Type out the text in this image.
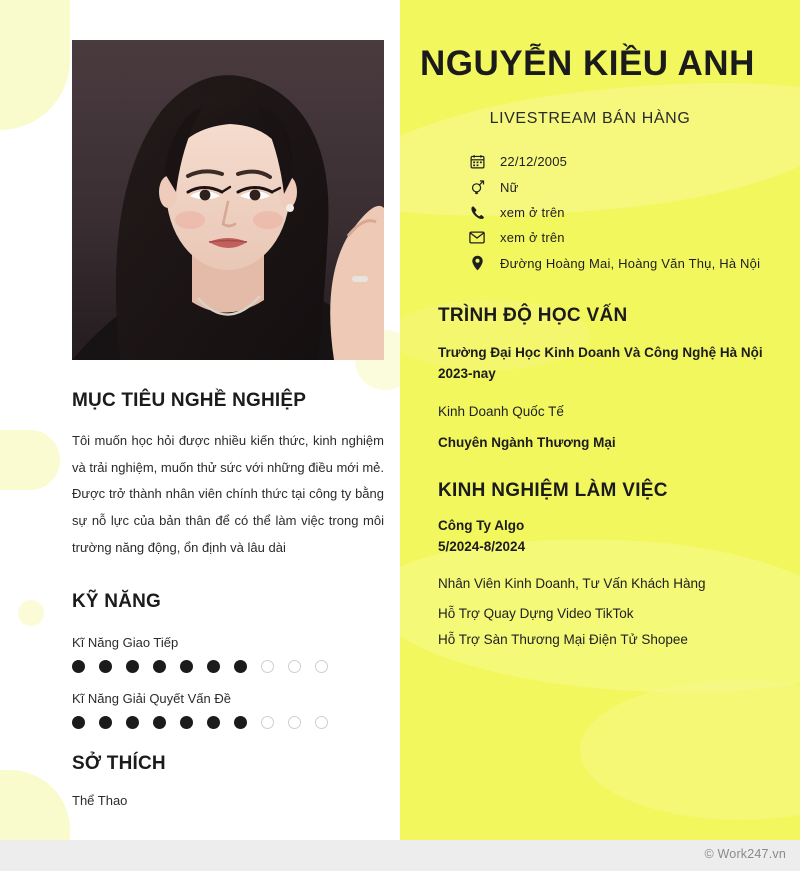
NGUYỄN KIỀU ANH
LIVESTREAM BÁN HÀNG
22/12/2005
Nữ
xem ở trên
xem ở trên
Đường Hoàng Mai, Hoàng Văn Thụ, Hà Nội
TRÌNH ĐỘ HỌC VẤN
Trường Đại Học Kinh Doanh Và Công Nghệ Hà Nội
2023-nay
Kinh Doanh Quốc Tế
Chuyên Ngành Thương Mại
KINH NGHIỆM LÀM VIỆC
Công Ty Algo
5/2024-8/2024
Nhân Viên Kinh Doanh, Tư Vấn Khách Hàng
Hỗ Trợ Quay Dựng Video TikTok
Hỗ Trợ Sàn Thương Mại Điện Tử Shopee
MỤC TIÊU NGHỀ NGHIỆP
Tôi muốn học hỏi được nhiều kiến thức, kinh nghiệm và trải nghiệm, muốn thử sức với những điều mới mẻ. Được trở thành nhân viên chính thức tại công ty bằng sự nỗ lực của bản thân để có thể làm việc trong môi trường năng động, ổn định và lâu dài
KỸ NĂNG
Kĩ Năng Giao Tiếp
Kĩ Năng Giải Quyết Vấn Đề
SỞ THÍCH
Thể Thao
© Work247.vn
